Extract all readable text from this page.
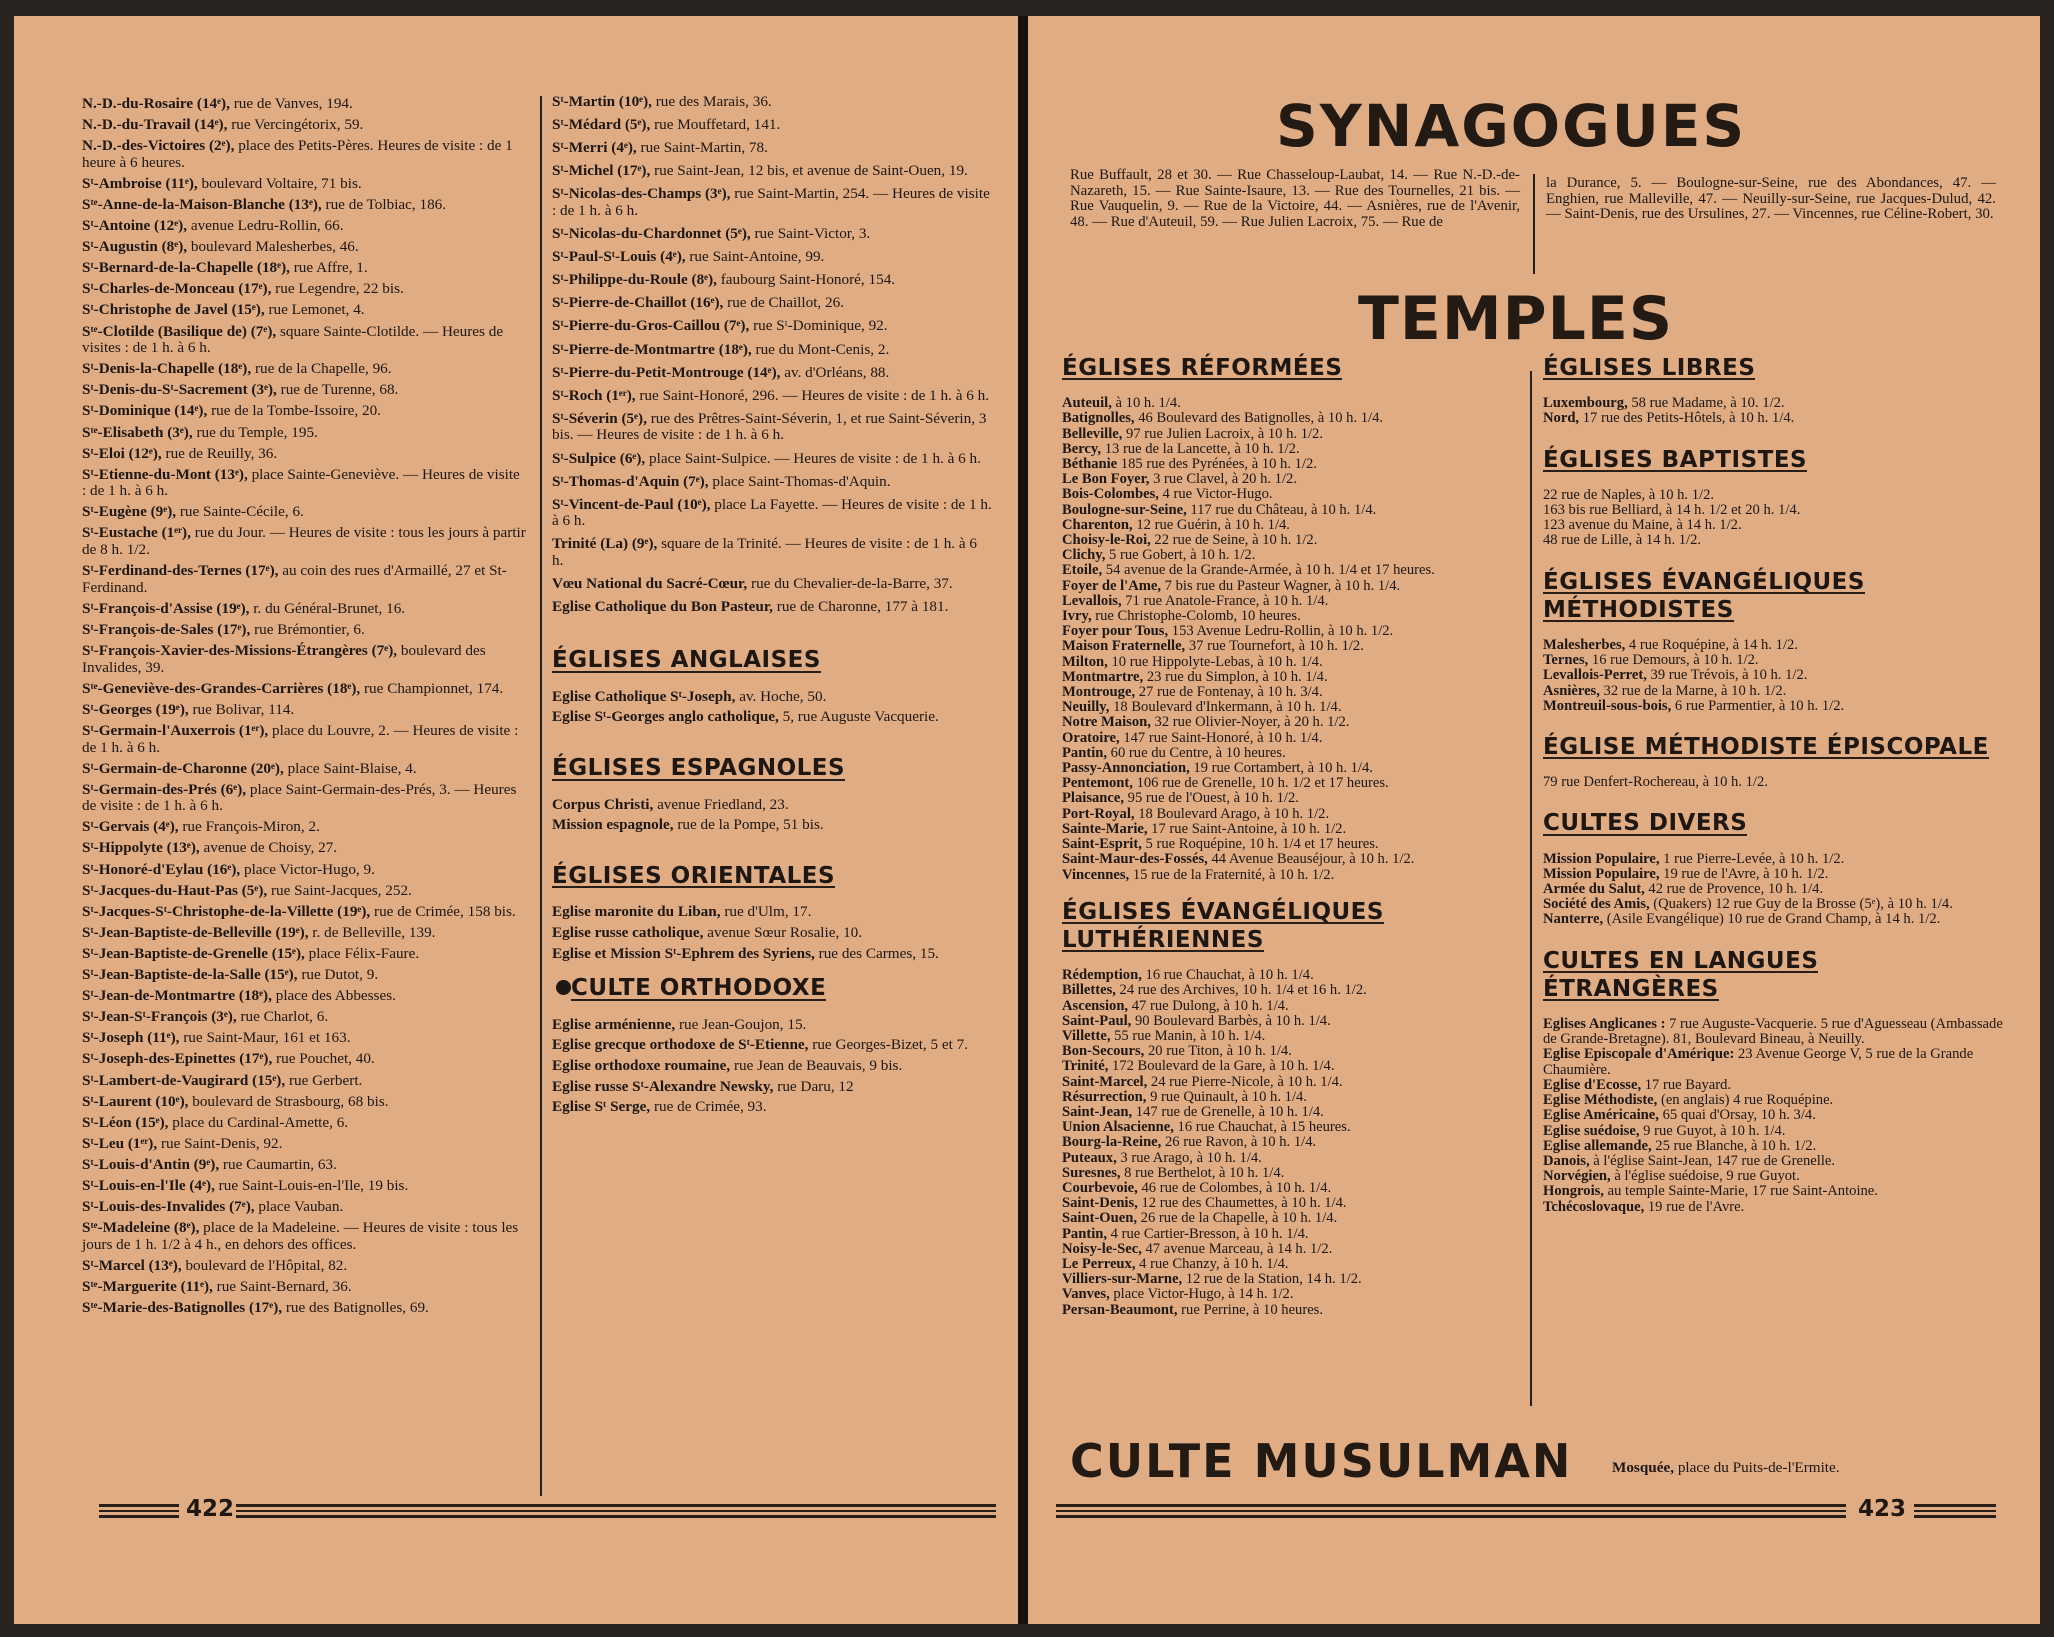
N.-D.-du-Rosaire (14ᵉ), rue de Vanves, 194.

N.-D.-du-Travail (14ᵉ), rue Vercingétorix, 59.

N.-D.-des-Victoires (2ᵉ), place des Petits-Pères. Heures de visite : de 1 heure à 6 heures.

Sᵗ-Ambroise (11ᵉ), boulevard Voltaire, 71 bis.

Sᵗᵉ-Anne-de-la-Maison-Blanche (13ᵉ), rue de Tolbiac, 186.

Sᵗ-Antoine (12ᵉ), avenue Ledru-Rollin, 66.

Sᵗ-Augustin (8ᵉ), boulevard Malesherbes, 46.

Sᵗ-Bernard-de-la-Chapelle (18ᵉ), rue Affre, 1.

Sᵗ-Charles-de-Monceau (17ᵉ), rue Legendre, 22 bis.

Sᵗ-Christophe de Javel (15ᵉ), rue Lemonet, 4.

Sᵗᵉ-Clotilde (Basilique de) (7ᵉ), square Sainte-Clotilde. — Heures de visites : de 1 h. à 6 h.

Sᵗ-Denis-la-Chapelle (18ᵉ), rue de la Chapelle, 96.

Sᵗ-Denis-du-Sᵗ-Sacrement (3ᵉ), rue de Turenne, 68.

Sᵗ-Dominique (14ᵉ), rue de la Tombe-Issoire, 20.

Sᵗᵉ-Elisabeth (3ᵉ), rue du Temple, 195.

Sᵗ-Eloi (12ᵉ), rue de Reuilly, 36.

Sᵗ-Etienne-du-Mont (13ᵉ), place Sainte-Geneviève. — Heures de visite : de 1 h. à 6 h.

Sᵗ-Eugène (9ᵉ), rue Sainte-Cécile, 6.

Sᵗ-Eustache (1ᵉʳ), rue du Jour. — Heures de visite : tous les jours à partir de 8 h. 1/2.

Sᵗ-Ferdinand-des-Ternes (17ᵉ), au coin des rues d'Armaillé, 27 et St-Ferdinand.

Sᵗ-François-d'Assise (19ᵉ), r. du Général-Brunet, 16.

Sᵗ-François-de-Sales (17ᵉ), rue Brémontier, 6.

Sᵗ-François-Xavier-des-Missions-Étrangères (7ᵉ), boulevard des Invalides, 39.

Sᵗᵉ-Geneviève-des-Grandes-Carrières (18ᵉ), rue Championnet, 174.

Sᵗ-Georges (19ᵉ), rue Bolivar, 114.

Sᵗ-Germain-l'Auxerrois (1ᵉʳ), place du Louvre, 2. — Heures de visite : de 1 h. à 6 h.

Sᵗ-Germain-de-Charonne (20ᵉ), place Saint-Blaise, 4.

Sᵗ-Germain-des-Prés (6ᵉ), place Saint-Germain-des-Prés, 3. — Heures de visite : de 1 h. à 6 h.

Sᵗ-Gervais (4ᵉ), rue François-Miron, 2.

Sᵗ-Hippolyte (13ᵉ), avenue de Choisy, 27.

Sᵗ-Honoré-d'Eylau (16ᵉ), place Victor-Hugo, 9.

Sᵗ-Jacques-du-Haut-Pas (5ᵉ), rue Saint-Jacques, 252.

Sᵗ-Jacques-Sᵗ-Christophe-de-la-Villette (19ᵉ), rue de Crimée, 158 bis.

Sᵗ-Jean-Baptiste-de-Belleville (19ᵉ), r. de Belleville, 139.

Sᵗ-Jean-Baptiste-de-Grenelle (15ᵉ), place Félix-Faure.

Sᵗ-Jean-Baptiste-de-la-Salle (15ᵉ), rue Dutot, 9.

Sᵗ-Jean-de-Montmartre (18ᵉ), place des Abbesses.

Sᵗ-Jean-Sᵗ-François (3ᵉ), rue Charlot, 6.

Sᵗ-Joseph (11ᵉ), rue Saint-Maur, 161 et 163.

Sᵗ-Joseph-des-Epinettes (17ᵉ), rue Pouchet, 40.

Sᵗ-Lambert-de-Vaugirard (15ᵉ), rue Gerbert.

Sᵗ-Laurent (10ᵉ), boulevard de Strasbourg, 68 bis.

Sᵗ-Léon (15ᵉ), place du Cardinal-Amette, 6.

Sᵗ-Leu (1ᵉʳ), rue Saint-Denis, 92.

Sᵗ-Louis-d'Antin (9ᵉ), rue Caumartin, 63.

Sᵗ-Louis-en-l'Ile (4ᵉ), rue Saint-Louis-en-l'Ile, 19 bis.

Sᵗ-Louis-des-Invalides (7ᵉ), place Vauban.

Sᵗᵉ-Madeleine (8ᵉ), place de la Madeleine. — Heures de visite : tous les jours de 1 h. 1/2 à 4 h., en dehors des offices.

Sᵗ-Marcel (13ᵉ), boulevard de l'Hôpital, 82.

Sᵗᵉ-Marguerite (11ᵉ), rue Saint-Bernard, 36.

Sᵗᵉ-Marie-des-Batignolles (17ᵉ), rue des Batignolles, 69.

Sᵗ-Martin (10ᵉ), rue des Marais, 36.

Sᵗ-Médard (5ᵉ), rue Mouffetard, 141.

Sᵗ-Merri (4ᵉ), rue Saint-Martin, 78.

Sᵗ-Michel (17ᵉ), rue Saint-Jean, 12 bis, et avenue de Saint-Ouen, 19.

Sᵗ-Nicolas-des-Champs (3ᵉ), rue Saint-Martin, 254. — Heures de visite : de 1 h. à 6 h.

Sᵗ-Nicolas-du-Chardonnet (5ᵉ), rue Saint-Victor, 3.

Sᵗ-Paul-Sᵗ-Louis (4ᵉ), rue Saint-Antoine, 99.

Sᵗ-Philippe-du-Roule (8ᵉ), faubourg Saint-Honoré, 154.

Sᵗ-Pierre-de-Chaillot (16ᵉ), rue de Chaillot, 26.

Sᵗ-Pierre-du-Gros-Caillou (7ᵉ), rue Sᵗ-Dominique, 92.

Sᵗ-Pierre-de-Montmartre (18ᵉ), rue du Mont-Cenis, 2.

Sᵗ-Pierre-du-Petit-Montrouge (14ᵉ), av. d'Orléans, 88.

Sᵗ-Roch (1ᵉʳ), rue Saint-Honoré, 296. — Heures de visite : de 1 h. à 6 h.

Sᵗ-Séverin (5ᵉ), rue des Prêtres-Saint-Séverin, 1, et rue Saint-Séverin, 3 bis. — Heures de visite : de 1 h. à 6 h.

Sᵗ-Sulpice (6ᵉ), place Saint-Sulpice. — Heures de visite : de 1 h. à 6 h.

Sᵗ-Thomas-d'Aquin (7ᵉ), place Saint-Thomas-d'Aquin.

Sᵗ-Vincent-de-Paul (10ᵉ), place La Fayette. — Heures de visite : de 1 h. à 6 h.

Trinité (La) (9ᵉ), square de la Trinité. — Heures de visite : de 1 h. à 6 h.

Vœu National du Sacré-Cœur, rue du Chevalier-de-la-Barre, 37.

Eglise Catholique du Bon Pasteur, rue de Charonne, 177 à 181.

ÉGLISES ANGLAISES

Eglise Catholique Sᵗ-Joseph, av. Hoche, 50.

Eglise Sᵗ-Georges anglo catholique, 5, rue Auguste Vacquerie.

ÉGLISES ESPAGNOLES

Corpus Christi, avenue Friedland, 23.

Mission espagnole, rue de la Pompe, 51 bis.

ÉGLISES ORIENTALES

Eglise maronite du Liban, rue d'Ulm, 17.

Eglise russe catholique, avenue Sœur Rosalie, 10.

Eglise et Mission Sᵗ-Ephrem des Syriens, rue des Carmes, 15.

CULTE ORTHODOXE

Eglise arménienne, rue Jean-Goujon, 15.

Eglise grecque orthodoxe de Sᵗ-Etienne, rue Georges-Bizet, 5 et 7.

Eglise orthodoxe roumaine, rue Jean de Beauvais, 9 bis.

Eglise russe Sᵗ-Alexandre Newsky, rue Daru, 12

Eglise Sᵗ Serge, rue de Crimée, 93.

422
SYNAGOGUES

Rue Buffault, 28 et 30. — Rue Chasseloup-Laubat, 14. — Rue N.-D.-de-Nazareth, 15. — Rue Sainte-Isaure, 13. — Rue des Tournelles, 21 bis. — Rue Vauquelin, 9. — Rue de la Victoire, 44. — Asnières, rue de l'Avenir, 48. — Rue d'Auteuil, 59. — Rue Julien Lacroix, 75. — Rue de

la Durance, 5. — Boulogne-sur-Seine, rue des Abondances, 47. — Enghien, rue Malleville, 47. — Neuilly-sur-Seine, rue Jacques-Dulud, 42. — Saint-Denis, rue des Ursulines, 27. — Vincennes, rue Céline-Robert, 30.

TEMPLES
ÉGLISES RÉFORMÉES

Auteuil, à 10 h. 1/4.

Batignolles, 46 Boulevard des Batignolles, à 10 h. 1/4.

Belleville, 97 rue Julien Lacroix, à 10 h. 1/2.

Bercy, 13 rue de la Lancette, à 10 h. 1/2.

Béthanie 185 rue des Pyrénées, à 10 h. 1/2.

Le Bon Foyer, 3 rue Clavel, à 20 h. 1/2.

Bois-Colombes, 4 rue Victor-Hugo.

Boulogne-sur-Seine, 117 rue du Château, à 10 h. 1/4.

Charenton, 12 rue Guérin, à 10 h. 1/4.

Choisy-le-Roi, 22 rue de Seine, à 10 h. 1/2.

Clichy, 5 rue Gobert, à 10 h. 1/2.

Etoile, 54 avenue de la Grande-Armée, à 10 h. 1/4 et 17 heures.

Foyer de l'Ame, 7 bis rue du Pasteur Wagner, à 10 h. 1/4.

Levallois, 71 rue Anatole-France, à 10 h. 1/4.

Ivry, rue Christophe-Colomb, 10 heures.

Foyer pour Tous, 153 Avenue Ledru-Rollin, à 10 h. 1/2.

Maison Fraternelle, 37 rue Tournefort, à 10 h. 1/2.

Milton, 10 rue Hippolyte-Lebas, à 10 h. 1/4.

Montmartre, 23 rue du Simplon, à 10 h. 1/4.

Montrouge, 27 rue de Fontenay, à 10 h. 3/4.

Neuilly, 18 Boulevard d'Inkermann, à 10 h. 1/4.

Notre Maison, 32 rue Olivier-Noyer, à 20 h. 1/2.

Oratoire, 147 rue Saint-Honoré, à 10 h. 1/4.

Pantin, 60 rue du Centre, à 10 heures.

Passy-Annonciation, 19 rue Cortambert, à 10 h. 1/4.

Pentemont, 106 rue de Grenelle, 10 h. 1/2 et 17 heures.

Plaisance, 95 rue de l'Ouest, à 10 h. 1/2.

Port-Royal, 18 Boulevard Arago, à 10 h. 1/2.

Sainte-Marie, 17 rue Saint-Antoine, à 10 h. 1/2.

Saint-Esprit, 5 rue Roquépine, 10 h. 1/4 et 17 heures.

Saint-Maur-des-Fossés, 44 Avenue Beauséjour, à 10 h. 1/2.

Vincennes, 15 rue de la Fraternité, à 10 h. 1/2.

ÉGLISES ÉVANGÉLIQUES
LUTHÉRIENNES

Rédemption, 16 rue Chauchat, à 10 h. 1/4.

Billettes, 24 rue des Archives, 10 h. 1/4 et 16 h. 1/2.

Ascension, 47 rue Dulong, à 10 h. 1/4.

Saint-Paul, 90 Boulevard Barbès, à 10 h. 1/4.

Villette, 55 rue Manin, à 10 h. 1/4.

Bon-Secours, 20 rue Titon, à 10 h. 1/4.

Trinité, 172 Boulevard de la Gare, à 10 h. 1/4.

Saint-Marcel, 24 rue Pierre-Nicole, à 10 h. 1/4.

Résurrection, 9 rue Quinault, à 10 h. 1/4.

Saint-Jean, 147 rue de Grenelle, à 10 h. 1/4.

Union Alsacienne, 16 rue Chauchat, à 15 heures.

Bourg-la-Reine, 26 rue Ravon, à 10 h. 1/4.

Puteaux, 3 rue Arago, à 10 h. 1/4.

Suresnes, 8 rue Berthelot, à 10 h. 1/4.

Courbevoie, 46 rue de Colombes, à 10 h. 1/4.

Saint-Denis, 12 rue des Chaumettes, à 10 h. 1/4.

Saint-Ouen, 26 rue de la Chapelle, à 10 h. 1/4.

Pantin, 4 rue Cartier-Bresson, à 10 h. 1/4.

Noisy-le-Sec, 47 avenue Marceau, à 14 h. 1/2.

Le Perreux, 4 rue Chanzy, à 10 h. 1/4.

Villiers-sur-Marne, 12 rue de la Station, 14 h. 1/2.

Vanves, place Victor-Hugo, à 14 h. 1/2.

Persan-Beaumont, rue Perrine, à 10 heures.

ÉGLISES LIBRES

Luxembourg, 58 rue Madame, à 10. 1/2.

Nord, 17 rue des Petits-Hôtels, à 10 h. 1/4.

ÉGLISES BAPTISTES

22 rue de Naples, à 10 h. 1/2.

163 bis rue Belliard, à 14 h. 1/2 et 20 h. 1/4.

123 avenue du Maine, à 14 h. 1/2.

48 rue de Lille, à 14 h. 1/2.

ÉGLISES ÉVANGÉLIQUES
MÉTHODISTES

Malesherbes, 4 rue Roquépine, à 14 h. 1/2.

Ternes, 16 rue Demours, à 10 h. 1/2.

Levallois-Perret, 39 rue Trévois, à 10 h. 1/2.

Asnières, 32 rue de la Marne, à 10 h. 1/2.

Montreuil-sous-bois, 6 rue Parmentier, à 10 h. 1/2.

ÉGLISE MÉTHODISTE ÉPISCOPALE

79 rue Denfert-Rochereau, à 10 h. 1/2.

CULTES DIVERS

Mission Populaire, 1 rue Pierre-Levée, à 10 h. 1/2.

Mission Populaire, 19 rue de l'Avre, à 10 h. 1/2.

Armée du Salut, 42 rue de Provence, 10 h. 1/4.

Société des Amis, (Quakers) 12 rue Guy de la Brosse (5ᵉ), à 10 h. 1/4.

Nanterre, (Asile Evangélique) 10 rue de Grand Champ, à 14 h. 1/2.

CULTES EN LANGUES
ÉTRANGÈRES

Eglises Anglicanes : 7 rue Auguste-Vacquerie. 5 rue d'Aguesseau (Ambassade de Grande-Bretagne). 81, Boulevard Bineau, à Neuilly.

Eglise Episcopale d'Amérique: 23 Avenue George V, 5 rue de la Grande Chaumière.

Eglise d'Ecosse, 17 rue Bayard.

Eglise Méthodiste, (en anglais) 4 rue Roquépine.

Eglise Américaine, 65 quai d'Orsay, 10 h. 3/4.

Eglise suédoise, 9 rue Guyot, à 10 h. 1/4.

Eglise allemande, 25 rue Blanche, à 10 h. 1/2.

Danois, à l'église Saint-Jean, 147 rue de Grenelle.

Norvégien, à l'église suédoise, 9 rue Guyot.

Hongrois, au temple Sainte-Marie, 17 rue Saint-Antoine.

Tchécoslovaque, 19 rue de l'Avre.

CULTE MUSULMAN	Mosquée, place du Puits-de-l'Ermite.
423
